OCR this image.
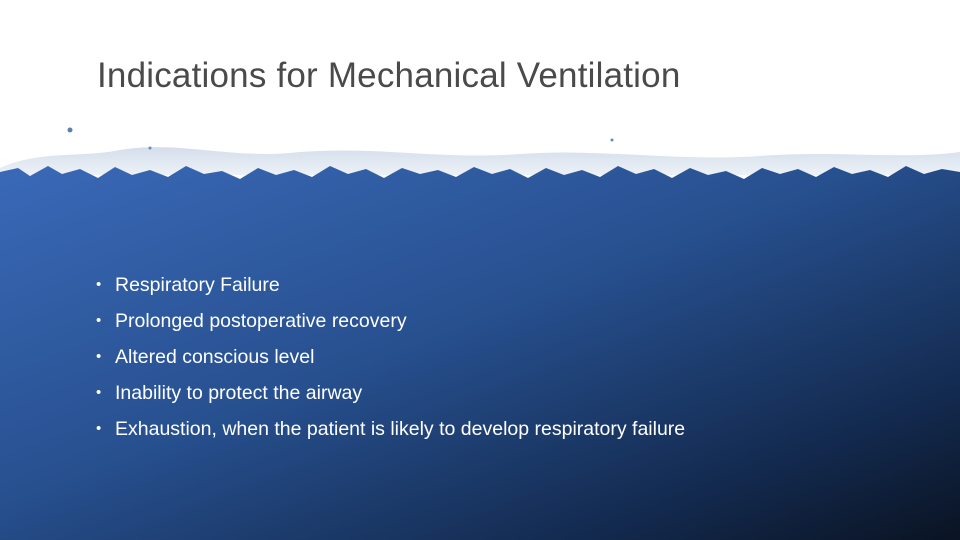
Indications for Mechanical Ventilation
• Respiratory Failure
• Prolonged postoperative recovery
• Altered conscious level
• Inability to protect the airway
• Exhaustion, when the patient is likely to develop respiratory failure
